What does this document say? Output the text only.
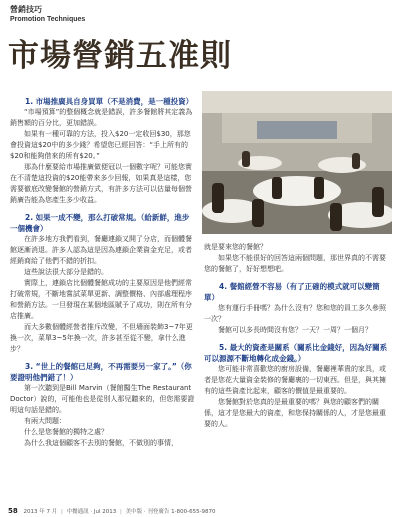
營銷技巧
Promotion Techniques
市場營銷五准則

1. 市場推廣具自身買單（不是消費，是一種投資）

“市場預算”的整個概念就是錯誤，許多餐館將其定義為銷售額的百分比，更加錯誤。

如果有一種可靠的方法，投入$20一定收回$30，那您會投資這$20中的多少錢？希望您已經回答：“手上所有的$20和能夠借來的所有$20。”

那為什麼要給市場推廣做便冠以一個數字呢？可能您實在不清楚這投資的$20能帶來多少回報，如果真是這樣，您需要徹底改變餐館的營銷方式，有許多方法可以估量每個營銷廣告能為您產生多少收益。

2. 如果一成不變，那么打破常規。（給新鮮，進步一個機會）

在許多地方我們看到，餐廳連鎖又開了分店，而個體餐館逐漸消退。許多人認為這是因為連鎖企業資金充足，或者經銷商給了他們不錯的折扣。

這些說法很大部分是錯的。

實際上，連鎖店比個體餐館成功的主要原因是他們經常打破常規，不斷地嘗試菜單更新、調整價格、內部處理程序和營銷方法。一旦發現在某個地區賦予了成功，則在所有分店推廣。

而大多數個體經營者推斥改變，不但墻面裝飾3~7年更換一次，菜單3~5年換一次，許多甚至從不變，拿什么進步？

3. “世上的餐館已足夠，不再需要另一家了。”（你要證明他們錯了！）

第一次聽到是Bill Marvin（餐館醫生The Restaurant Doctor）說的，可能他也是從別人那兒聽來的，但您需要證明這句話是錯的。

有兩大問題：

什么是您餐館的獨特之處？

為什么我這個顧客不去別的餐館，不做別的事情，

就是要來您的餐館？

如果您不能很好的回答這兩個問題，那世界真的不需要您的餐館了，好好想想吧。

4. 餐館經營不容易（有了正確的模式就可以變簡單）

您有運行手冊嗎？為什么沒有？您和您的員工多久參照一次？

餐館可以多長時間沒有您？一天？一周？一個月？

5. 最大的資產是關系（關系比金錢好，因為好關系可以源源不斷地轉化成金錢。）

您可能非常喜歡您的廚房設備，餐廳裡華貴的家具，或者是您花大量資金裝修的餐廳裏的一切東西。但是，與其擁有的這些資產比起來，顧客的價值是最重要的。

您餐館對於您真的是最重要的嗎？與您的顧客們的關係，這才是您最大的資產，和您保持關係的人，才是您最重要的人。

58 2013 年 7 月 | 中餐通訊 · Jul 2013 | 美中版 · 刊登廣告 1-800-655-9870
